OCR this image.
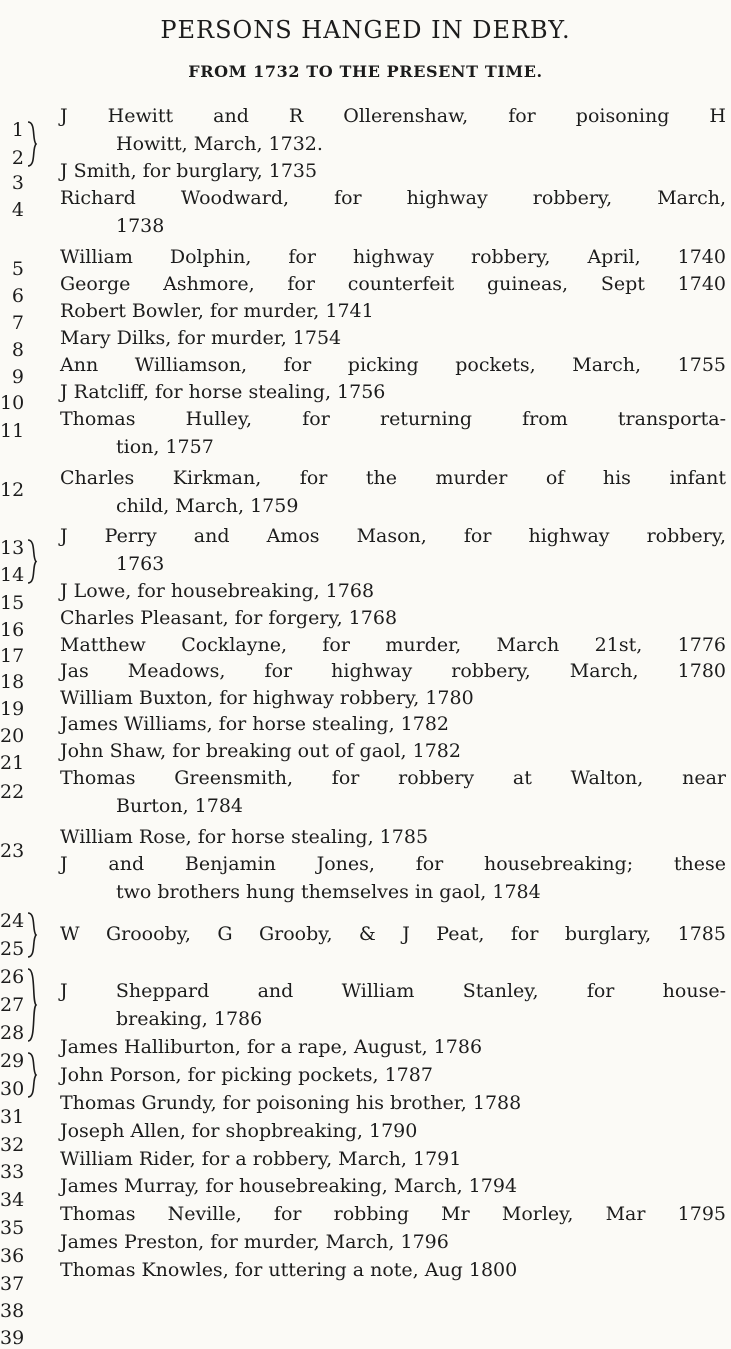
PERSONS HANGED IN DERBY.
FROM 1732 TO THE PRESENT TIME.
1
2
3
4
5
6
7
8
9
10
11
12
13
14
15
16
17
18
19
20
21
22
23
24
25
26
27
28
29
30
31
32
33
34
35
36
37
38
39
J Hewitt and R Ollerenshaw, for poisoning H
Howitt, March, 1732.
J Smith, for burglary, 1735
Richard Woodward, for highway robbery, March,
1738
William Dolphin, for highway robbery, April, 1740
George Ashmore, for counterfeit guineas, Sept 1740
Robert Bowler, for murder, 1741
Mary Dilks, for murder, 1754
Ann Williamson, for picking pockets, March, 1755
J Ratcliff, for horse stealing, 1756
Thomas Hulley, for returning from transporta-
tion, 1757
Charles Kirkman, for the murder of his infant
child, March, 1759
J Perry and Amos Mason, for highway robbery,
1763
J Lowe, for housebreaking, 1768
Charles Pleasant, for forgery, 1768
Matthew Cocklayne, for murder, March 21st, 1776
Jas Meadows, for highway robbery, March, 1780
William Buxton, for highway robbery, 1780
James Williams, for horse stealing, 1782
John Shaw, for breaking out of gaol, 1782
Thomas Greensmith, for robbery at Walton, near
Burton, 1784
William Rose, for horse stealing, 1785
J and Benjamin Jones, for housebreaking; these
two brothers hung themselves in gaol, 1784
W Groooby, G Grooby, & J Peat, for burglary, 1785
J Sheppard and William Stanley, for house-
breaking, 1786
James Halliburton, for a rape, August, 1786
John Porson, for picking pockets, 1787
Thomas Grundy, for poisoning his brother, 1788
Joseph Allen, for shopbreaking, 1790
William Rider, for a robbery, March, 1791
James Murray, for housebreaking, March, 1794
Thomas Neville, for robbing Mr Morley, Mar 1795
James Preston, for murder, March, 1796
Thomas Knowles, for uttering a note, Aug 1800
